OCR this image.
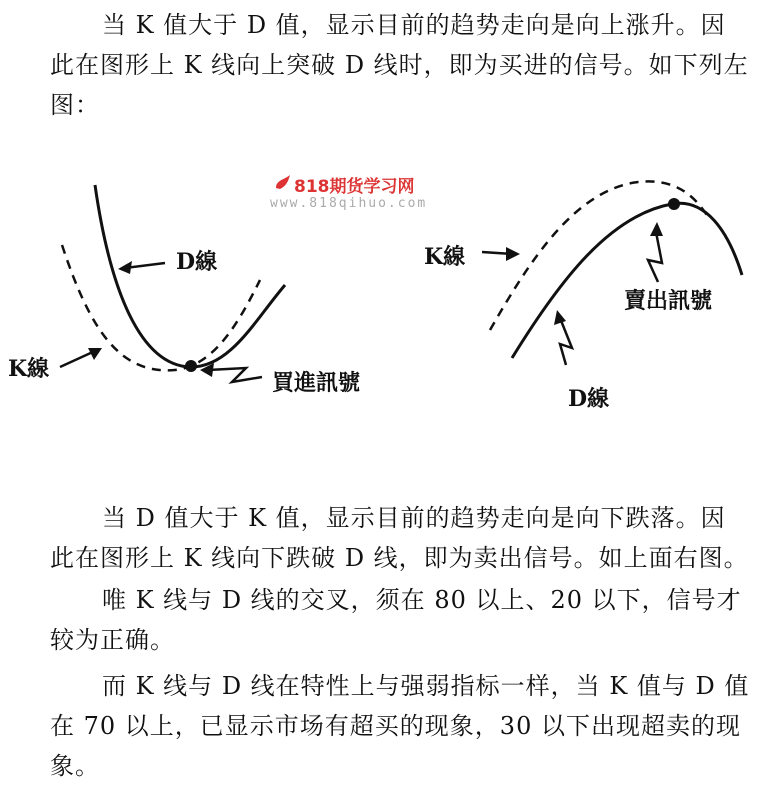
当 K 值大于 D 值，显示目前的趋势走向是向上涨升。因此在图形上 K 线向上突破 D 线时，即为买进的信号。如下列左图：

D線
K線
買進訊號
818期货学习网
www.818qihuo.com
K線
賣出訊號
D線

当 D 值大于 K 值，显示目前的趋势走向是向下跌落。因此在图形上 K 线向下跌破 D 线，即为卖出信号。如上面右图。

唯 K 线与 D 线的交叉，须在 80 以上、20 以下，信号才较为正确。

而 K 线与 D 线在特性上与强弱指标一样，当 K 值与 D 值在 70 以上，已显示市场有超买的现象，30 以下出现超卖的现象。
